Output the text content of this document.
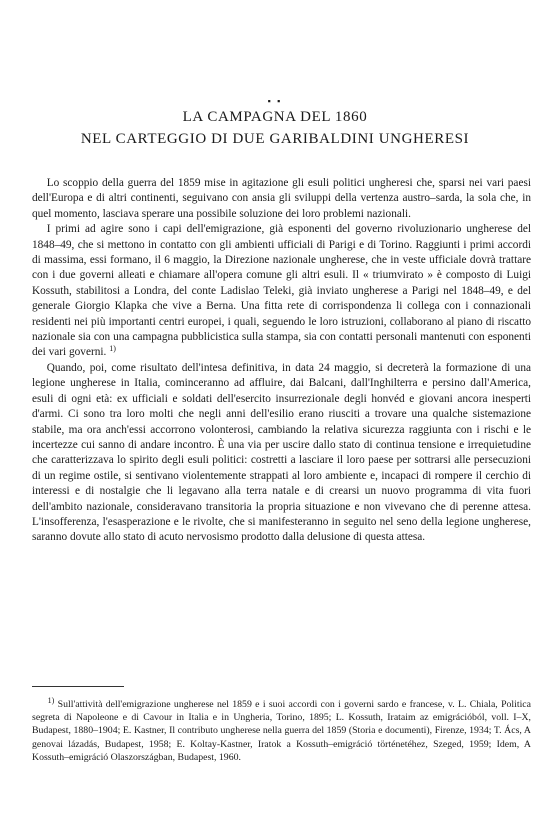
▪ ▪
LA CAMPAGNA DEL 1860
NEL CARTEGGIO DI DUE GARIBALDINI UNGHERESI

Lo scoppio della guerra del 1859 mise in agitazione gli esuli politici ungheresi che, sparsi nei vari paesi dell'Europa e di altri continenti, seguivano con ansia gli sviluppi della vertenza austro–sarda, la sola che, in quel momento, lasciava sperare una possibile soluzione dei loro problemi nazionali.

I primi ad agire sono i capi dell'emigrazione, già esponenti del governo rivoluzionario ungherese del 1848–49, che si mettono in contatto con gli ambienti ufficiali di Parigi e di Torino. Raggiunti i primi accordi di massima, essi formano, il 6 maggio, la Direzione nazionale ungherese, che in veste ufficiale dovrà trattare con i due governi alleati e chiamare all'opera comune gli altri esuli. Il « triumvirato » è composto di Luigi Kossuth, stabilitosi a Londra, del conte Ladislao Teleki, già inviato ungherese a Parigi nel 1848–49, e del generale Giorgio Klapka che vive a Berna. Una fitta rete di corrispondenza li collega con i connazionali residenti nei più importanti centri europei, i quali, seguendo le loro istruzioni, collaborano al piano di riscatto nazionale sia con una campagna pubblicistica sulla stampa, sia con contatti personali mantenuti con esponenti dei vari governi. $^{1)}$

Quando, poi, come risultato dell'intesa definitiva, in data 24 maggio, si decreterà la formazione di una legione ungherese in Italia, cominceranno ad affluire, dai Balcani, dall'Inghilterra e persino dall'America, esuli di ogni età: ex ufficiali e soldati dell'esercito insurrezionale degli honvéd e giovani ancora inesperti d'armi. Ci sono tra loro molti che negli anni dell'esilio erano riusciti a trovare una qualche sistemazione stabile, ma ora anch'essi accorrono volonterosi, cambiando la relativa sicurezza raggiunta con i rischi e le incertezze cui sanno di andare incontro. È una via per uscire dallo stato di continua tensione e irrequietudine che caratterizzava lo spirito degli esuli politici: costretti a lasciare il loro paese per sottrarsi alle persecuzioni di un regime ostile, si sentivano violentemente strappati al loro ambiente e, incapaci di rompere il cerchio di interessi e di nostalgie che li legavano alla terra natale e di crearsi un nuovo programma di vita fuori dell'ambito nazionale, consideravano transitoria la propria situazione e non vivevano che di perenne attesa. L'insofferenza, l'esasperazione e le rivolte, che si manifesteranno in seguito nel seno della legione ungherese, saranno dovute allo stato di acuto nervosismo prodotto dalla delusione di questa attesa.

$^{1)}$ Sull'attività dell'emigrazione ungherese nel 1859 e i suoi accordi con i governi sardo e francese, v. L. Chiala, Politica segreta di Napoleone e di Cavour in Italia e in Ungheria, Torino, 1895; L. Kossuth, Irataim az emigrációból, voll. I–X, Budapest, 1880–1904; E. Kastner, Il contributo ungherese nella guerra del 1859 (Storia e documenti), Firenze, 1934; T. Ács, A genovai lázadás, Budapest, 1958; E. Koltay-Kastner, Iratok a Kossuth–emigráció történetéhez, Szeged, 1959; Idem, A Kossuth–emigráció Olaszországban, Budapest, 1960.
